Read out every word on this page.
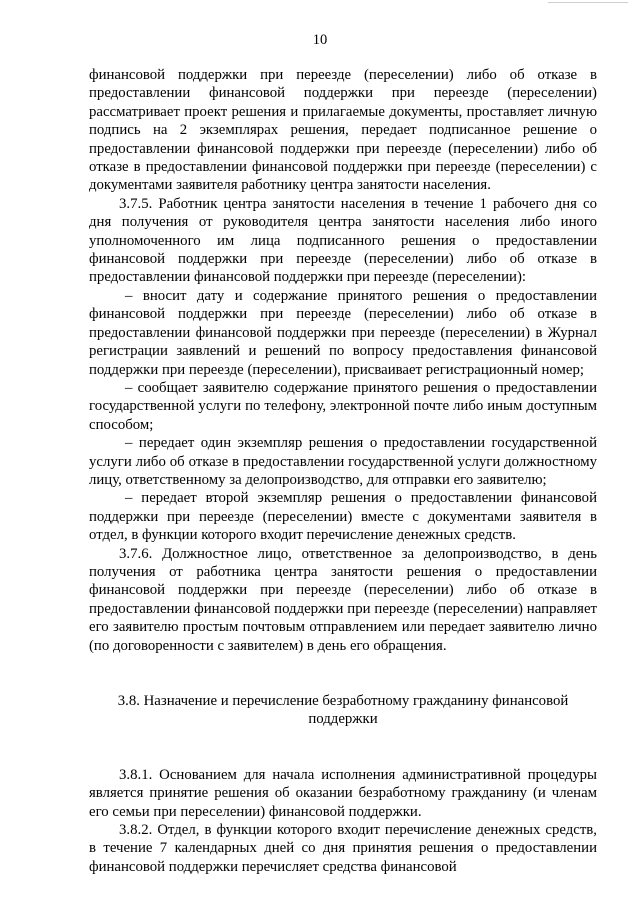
10

финансовой поддержки при переезде (переселении) либо об отказе в предоставлении финансовой поддержки при переезде (переселении) рассматривает проект решения и прилагаемые документы, проставляет личную подпись на 2 экземплярах решения, передает подписанное решение о предоставлении финансовой поддержки при переезде (переселении) либо об отказе в предоставлении финансовой поддержки при переезде (переселении) с документами заявителя работнику центра занятости населения.

3.7.5. Работник центра занятости населения в течение 1 рабочего дня со дня получения от руководителя центра занятости населения либо иного уполномоченного им лица подписанного решения о предоставлении финансовой поддержки при переезде (переселении) либо об отказе в предоставлении финансовой поддержки при переезде (переселении):

– вносит дату и содержание принятого решения о предоставлении финансовой поддержки при переезде (переселении) либо об отказе в предоставлении финансовой поддержки при переезде (переселении) в Журнал регистрации заявлений и решений по вопросу предоставления финансовой поддержки при переезде (переселении), присваивает регистрационный номер;

– сообщает заявителю содержание принятого решения о предоставлении государственной услуги по телефону, электронной почте либо иным доступным способом;

– передает один экземпляр решения о предоставлении государственной услуги либо об отказе в предоставлении государственной услуги должностному лицу, ответственному за делопроизводство, для отправки его заявителю;

– передает второй экземпляр решения о предоставлении финансовой поддержки при переезде (переселении) вместе с документами заявителя в отдел, в функции которого входит перечисление денежных средств.

3.7.6. Должностное лицо, ответственное за делопроизводство, в день получения от работника центра занятости решения о предоставлении финансовой поддержки при переезде (переселении) либо об отказе в предоставлении финансовой поддержки при переезде (переселении) направляет его заявителю простым почтовым отправлением или передает заявителю лично (по договоренности с заявителем) в день его обращения.

3.8. Назначение и перечисление безработному гражданину финансовой поддержки

3.8.1. Основанием для начала исполнения административной процедуры является принятие решения об оказании безработному гражданину (и членам его семьи при переселении) финансовой поддержки.

3.8.2. Отдел, в функции которого входит перечисление денежных средств, в течение 7 календарных дней со дня принятия решения о предоставлении финансовой поддержки перечисляет средства финансовой
